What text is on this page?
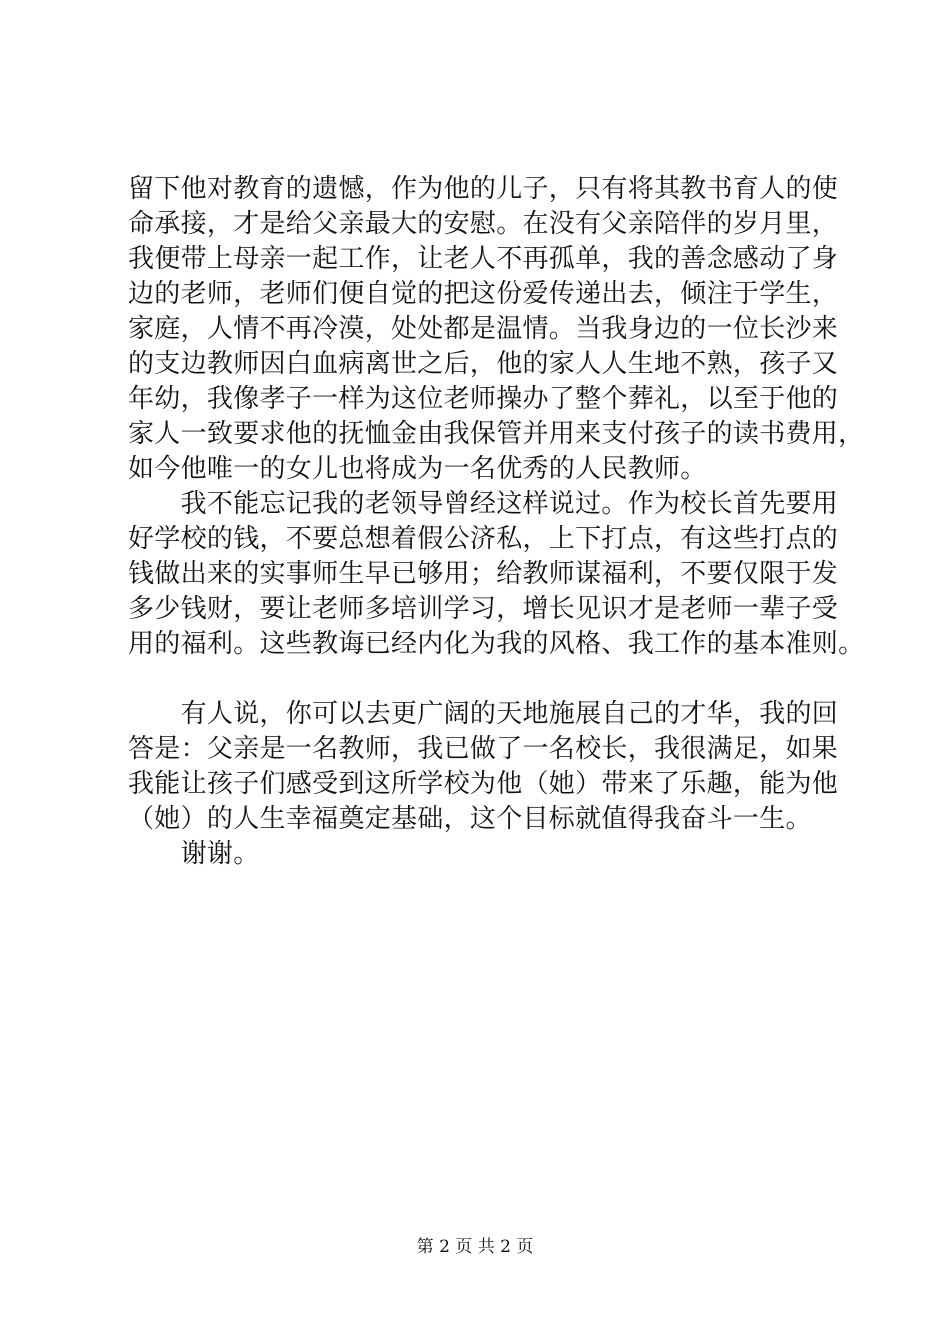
留下他对教育的遗憾，作为他的儿子，只有将其教书育人的使
命承接，才是给父亲最大的安慰。在没有父亲陪伴的岁月里，
我便带上母亲一起工作，让老人不再孤单，我的善念感动了身
边的老师，老师们便自觉的把这份爱传递出去，倾注于学生，
家庭，人情不再冷漠，处处都是温情。当我身边的一位长沙来
的支边教师因白血病离世之后，他的家人人生地不熟，孩子又
年幼，我像孝子一样为这位老师操办了整个葬礼，以至于他的
家人一致要求他的抚恤金由我保管并用来支付孩子的读书费用，
如今他唯一的女儿也将成为一名优秀的人民教师。
　　我不能忘记我的老领导曾经这样说过。作为校长首先要用
好学校的钱，不要总想着假公济私，上下打点，有这些打点的
钱做出来的实事师生早已够用；给教师谋福利，不要仅限于发
多少钱财，要让老师多培训学习，增长见识才是老师一辈子受
用的福利。这些教诲已经内化为我的风格、我工作的基本准则。
　　有人说，你可以去更广阔的天地施展自己的才华，我的回
答是：父亲是一名教师，我已做了一名校长，我很满足，如果
我能让孩子们感受到这所学校为他（她）带来了乐趣，能为他
（她）的人生幸福奠定基础，这个目标就值得我奋斗一生。
　　谢谢。
第 2 页 共 2 页
